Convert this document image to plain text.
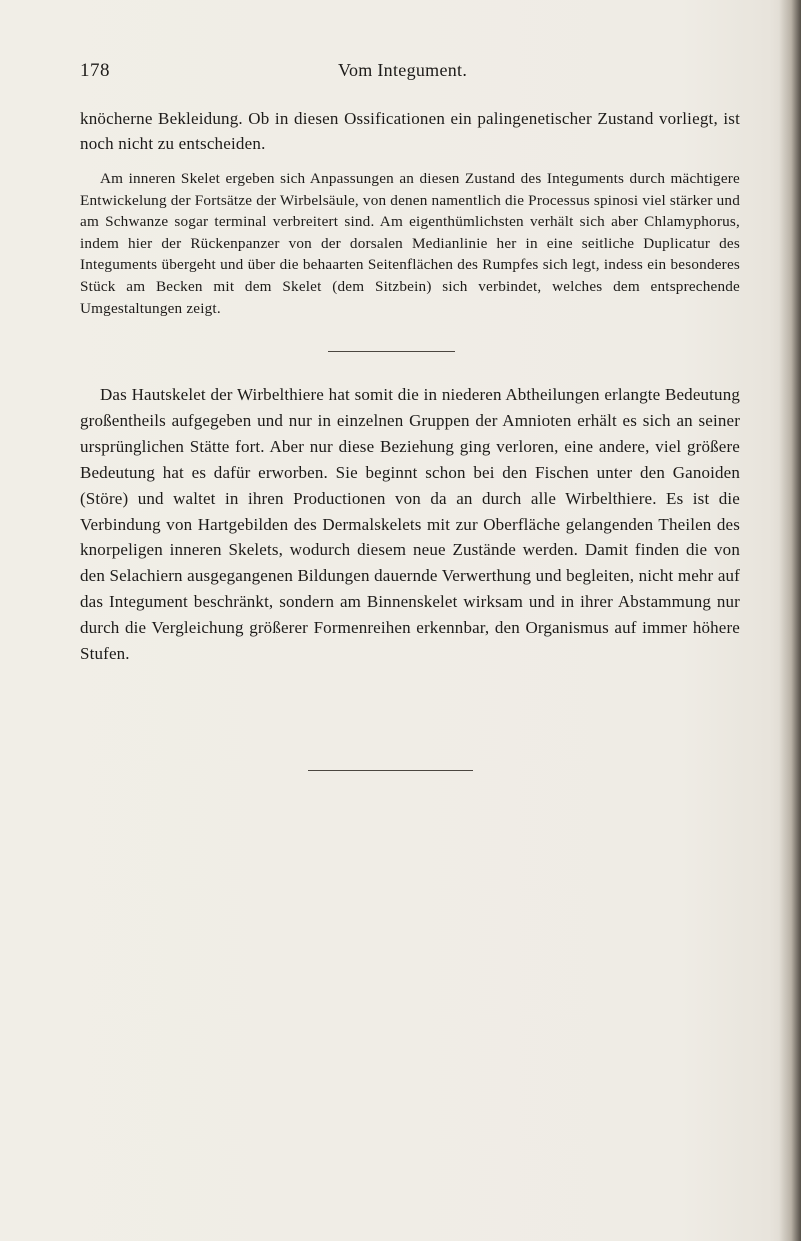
178	Vom Integument.

knöcherne Bekleidung. Ob in diesen Ossificationen ein palingenetischer Zustand vorliegt, ist noch nicht zu entscheiden.

Am inneren Skelet ergeben sich Anpassungen an diesen Zustand des Integuments durch mächtigere Entwickelung der Fortsätze der Wirbelsäule, von denen namentlich die Processus spinosi viel stärker und am Schwanze sogar terminal verbreitert sind. Am eigenthümlichsten verhält sich aber Chlamyphorus, indem hier der Rückenpanzer von der dorsalen Medianlinie her in eine seitliche Duplicatur des Integuments übergeht und über die behaarten Seitenflächen des Rumpfes sich legt, indess ein besonderes Stück am Becken mit dem Skelet (dem Sitzbein) sich verbindet, welches dem entsprechende Umgestaltungen zeigt.

Das Hautskelet der Wirbelthiere hat somit die in niederen Abtheilungen erlangte Bedeutung großentheils aufgegeben und nur in einzelnen Gruppen der Amnioten erhält es sich an seiner ursprünglichen Stätte fort. Aber nur diese Beziehung ging verloren, eine andere, viel größere Bedeutung hat es dafür erworben. Sie beginnt schon bei den Fischen unter den Ganoiden (Störe) und waltet in ihren Productionen von da an durch alle Wirbelthiere. Es ist die Verbindung von Hartgebilden des Dermalskelets mit zur Oberfläche gelangenden Theilen des knorpeligen inneren Skelets, wodurch diesem neue Zustände werden. Damit finden die von den Selachiern ausgegangenen Bildungen dauernde Verwerthung und begleiten, nicht mehr auf das Integument beschränkt, sondern am Binnenskelet wirksam und in ihrer Abstammung nur durch die Vergleichung größerer Formenreihen erkennbar, den Organismus auf immer höhere Stufen.
